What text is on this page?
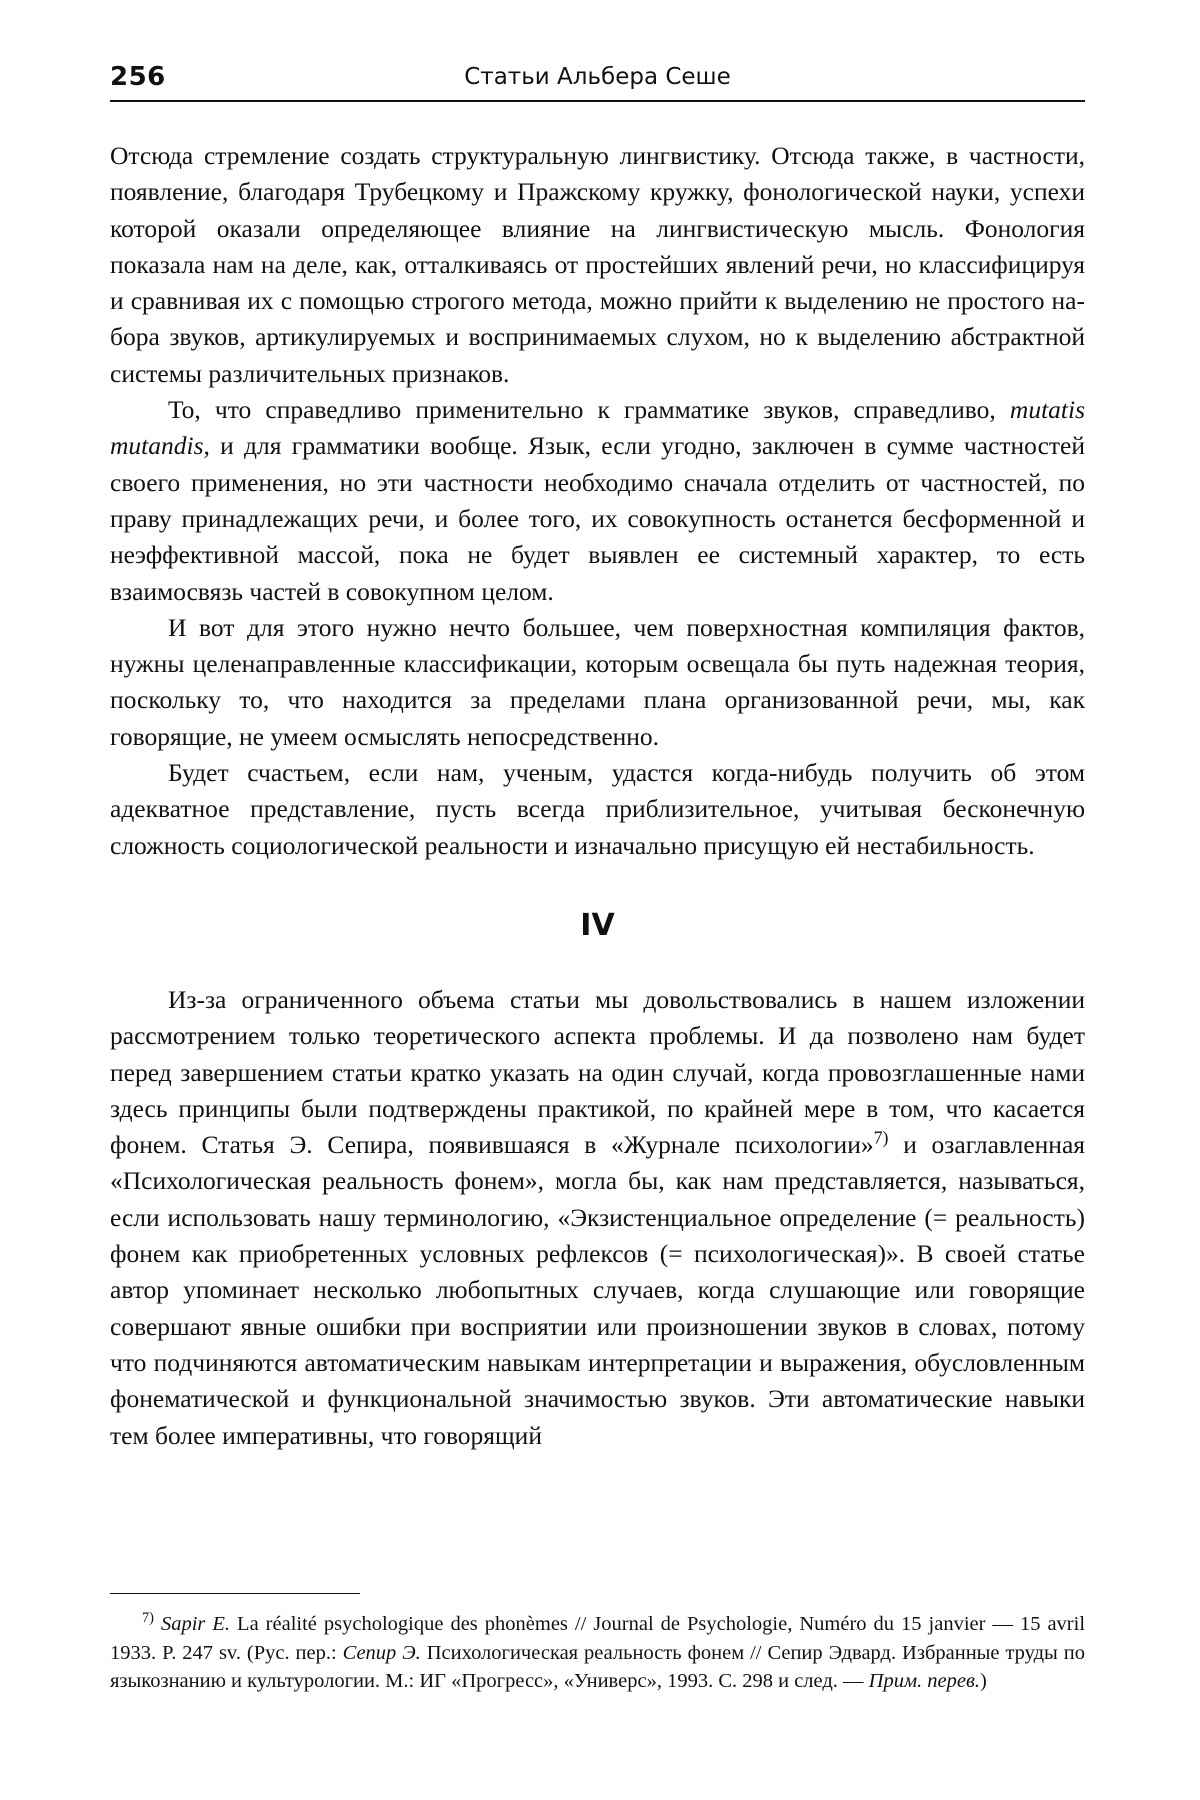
256	Статьи Альбера Сеше

Отсюда стремление создать структуральную лингвистику. Отсюда также, в частности, появление, благодаря Трубецкому и Пражскому кружку, фонологической науки, успехи которой оказали определяющее влияние на лингвистическую мысль. Фонология показала нам на деле, как, отталкиваясь от простейших явлений речи, но классифицируя и сравнивая их с помощью строгого метода, можно прийти к выделению не простого набора звуков, артикулируемых и воспринимаемых слухом, но к выделению абстрактной системы различительных признаков.

То, что справедливо применительно к грамматике звуков, справедливо, mutatis mutandis, и для грамматики вообще. Язык, если угодно, заключен в сумме частностей своего применения, но эти частности необходимо сначала отделить от частностей, по праву принадлежащих речи, и более того, их совокупность останется бесформенной и неэффективной массой, пока не будет выявлен ее системный характер, то есть взаимосвязь частей в совокупном целом.

И вот для этого нужно нечто большее, чем поверхностная компиляция фактов, нужны целенаправленные классификации, которым освещала бы путь надежная теория, поскольку то, что находится за пределами плана организованной речи, мы, как говорящие, не умеем осмыслять непосредственно.

Будет счастьем, если нам, ученым, удастся когда-нибудь получить об этом адекватное представление, пусть всегда приблизительное, учитывая бесконечную сложность социологической реальности и изначально присущую ей нестабильность.

IV

Из-за ограниченного объема статьи мы довольствовались в нашем изложении рассмотрением только теоретического аспекта проблемы. И да позволено нам будет перед завершением статьи кратко указать на один случай, когда провозглашенные нами здесь принципы были подтверждены практикой, по крайней мере в том, что касается фонем. Статья Э. Сепира, появившаяся в «Журнале психологии»$^{7)}$ и озаглавленная «Психологическая реальность фонем», могла бы, как нам представляется, называться, если использовать нашу терминологию, «Экзистенциальное определение (= реальность) фонем как приобретенных условных рефлексов (= психологическая)». В своей статье автор упоминает несколько любопытных случаев, когда слушающие или говорящие совершают явные ошибки при восприятии или произношении звуков в словах, потому что подчиняются автоматическим навыкам интерпретации и выражения, обусловленным фонематической и функциональной значимостью звуков. Эти автоматические навыки тем более императивны, что говорящий

$^{7)}$ Sapir E. La réalité psychologique des phonèmes // Journal de Psychologie, Numéro du 15 janvier — 15 avril 1933. P. 247 sv. (Рус. пер.: Сепир Э. Психологическая реальность фонем // Сепир Эдвард. Избранные труды по языкознанию и культурологии. М.: ИГ «Прогресс», «Универс», 1993. С. 298 и след. — Прим. перев.)
